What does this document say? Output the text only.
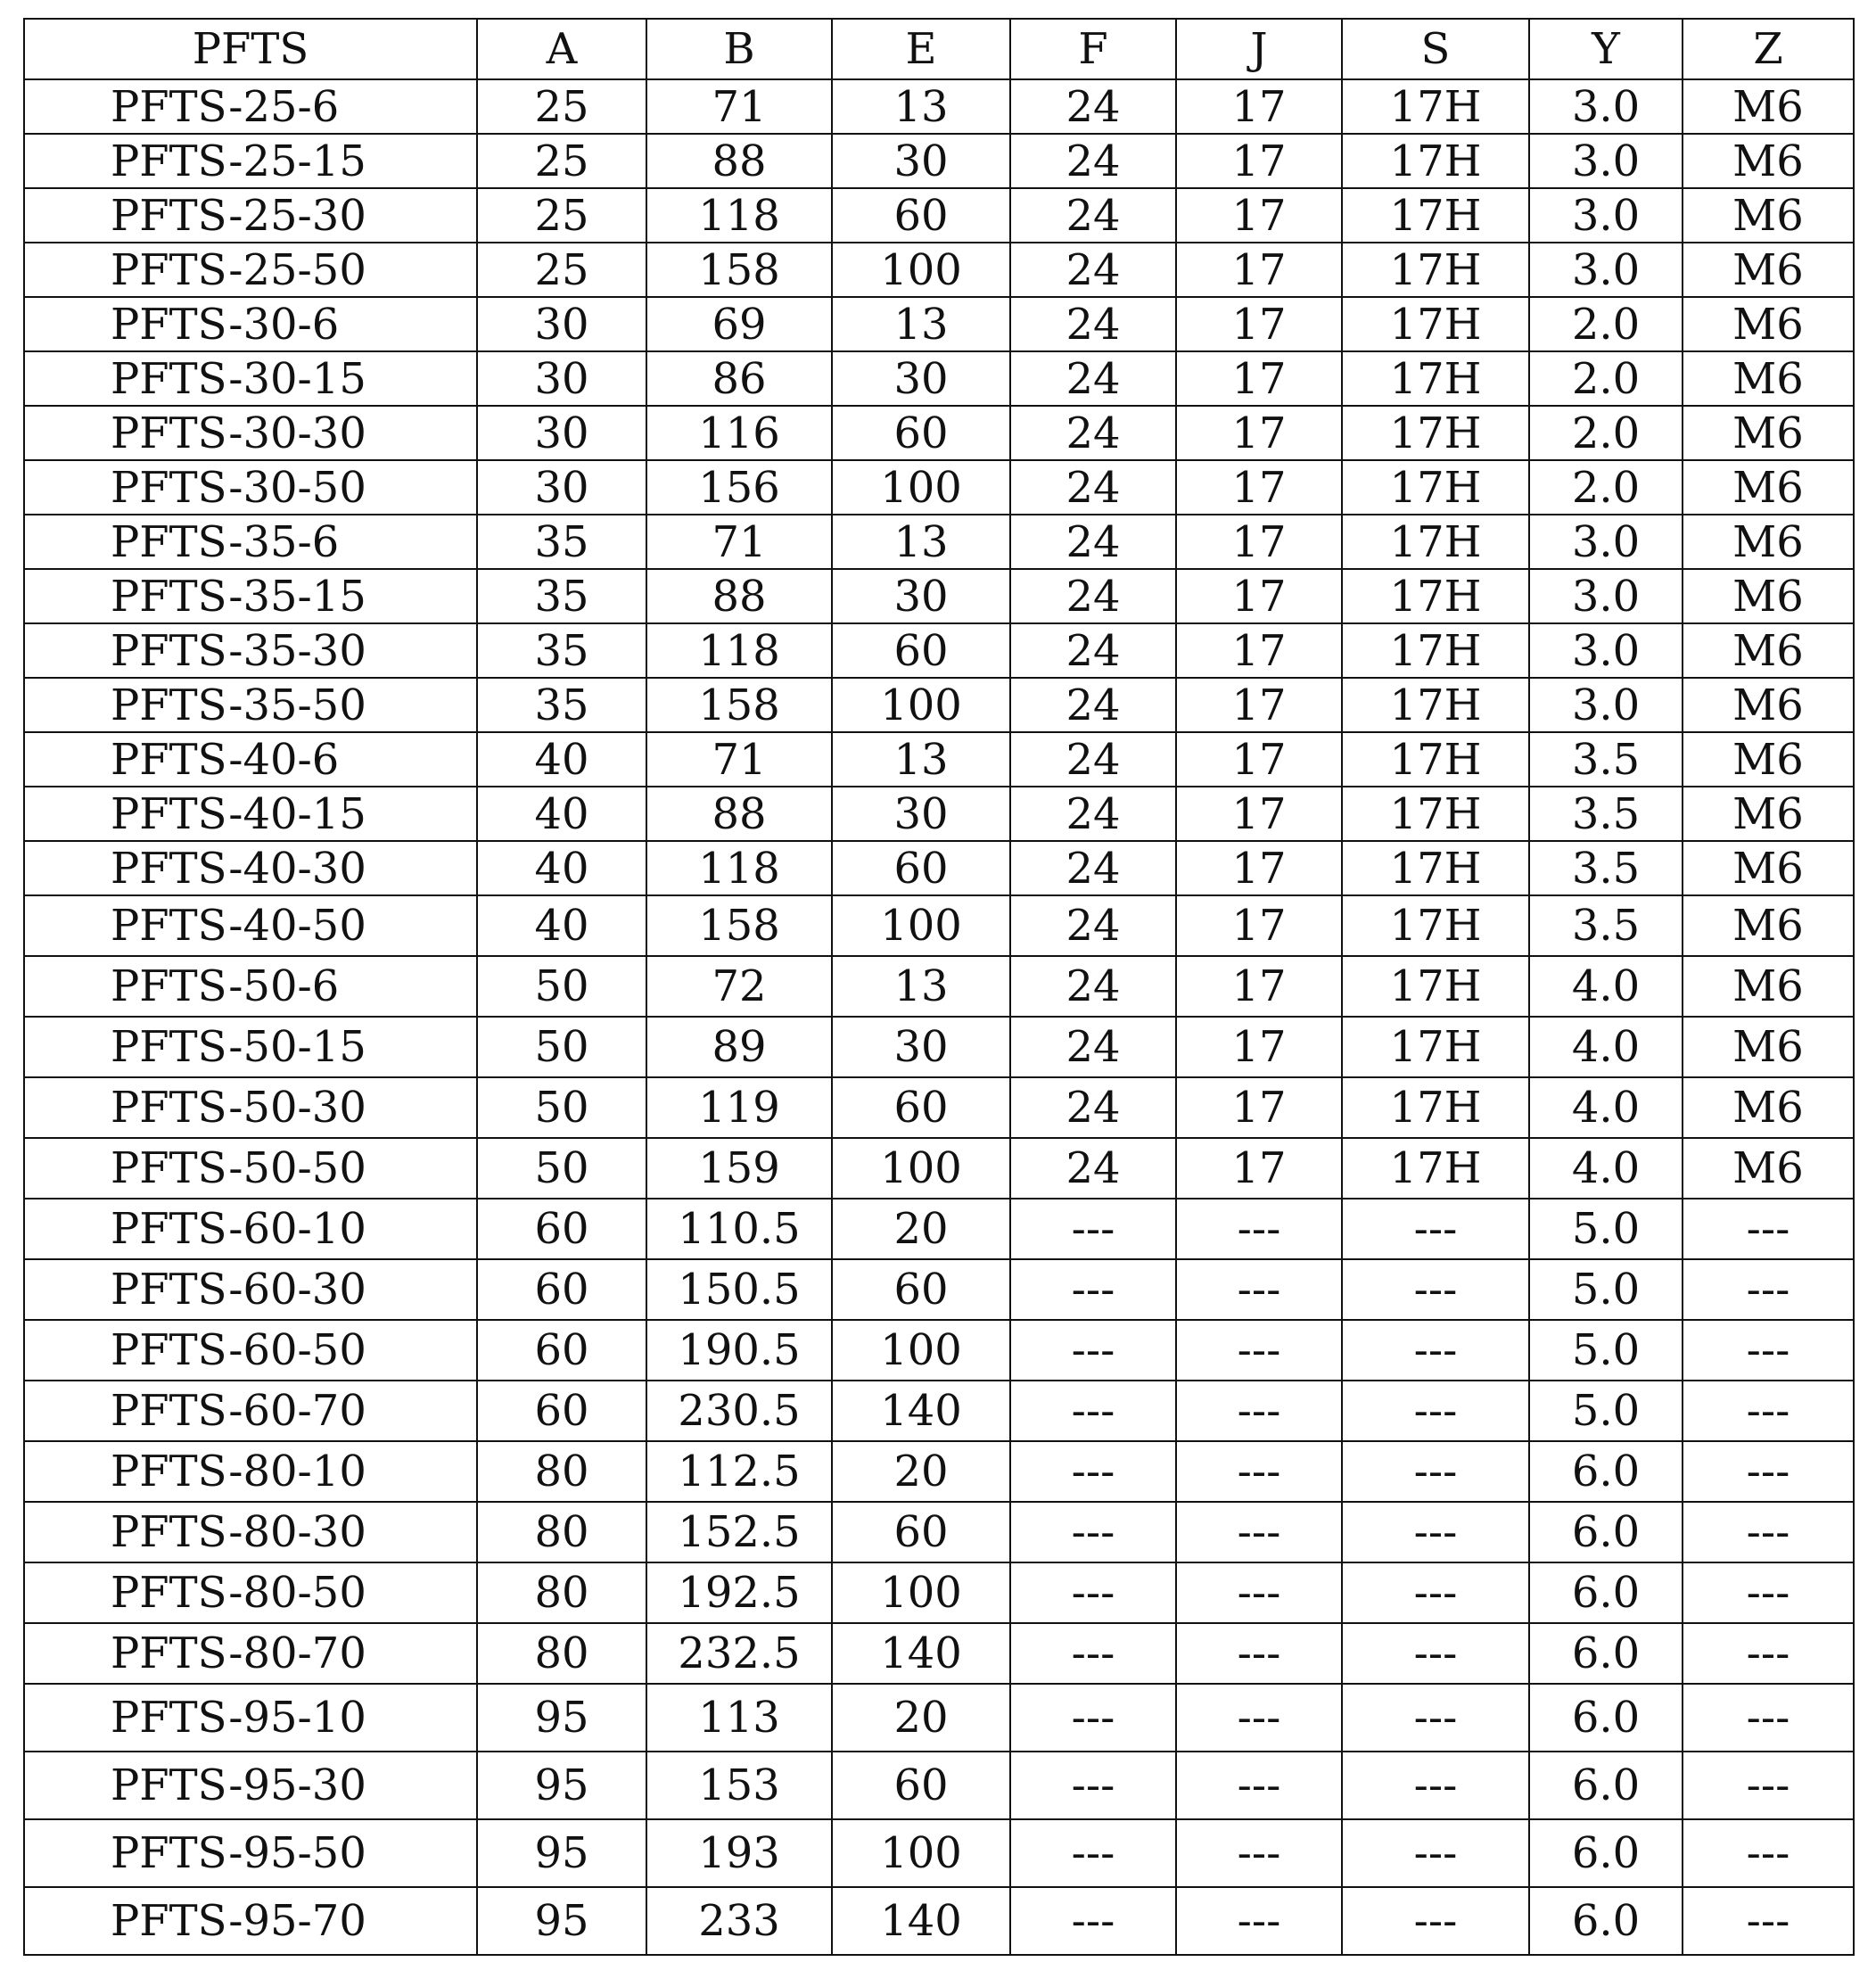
PFTS	A	B	E	F	J	S	Y	Z
PFTS-25-6	25	71	13	24	17	17H	3.0	M6
PFTS-25-15	25	88	30	24	17	17H	3.0	M6
PFTS-25-30	25	118	60	24	17	17H	3.0	M6
PFTS-25-50	25	158	100	24	17	17H	3.0	M6
PFTS-30-6	30	69	13	24	17	17H	2.0	M6
PFTS-30-15	30	86	30	24	17	17H	2.0	M6
PFTS-30-30	30	116	60	24	17	17H	2.0	M6
PFTS-30-50	30	156	100	24	17	17H	2.0	M6
PFTS-35-6	35	71	13	24	17	17H	3.0	M6
PFTS-35-15	35	88	30	24	17	17H	3.0	M6
PFTS-35-30	35	118	60	24	17	17H	3.0	M6
PFTS-35-50	35	158	100	24	17	17H	3.0	M6
PFTS-40-6	40	71	13	24	17	17H	3.5	M6
PFTS-40-15	40	88	30	24	17	17H	3.5	M6
PFTS-40-30	40	118	60	24	17	17H	3.5	M6
PFTS-40-50	40	158	100	24	17	17H	3.5	M6
PFTS-50-6	50	72	13	24	17	17H	4.0	M6
PFTS-50-15	50	89	30	24	17	17H	4.0	M6
PFTS-50-30	50	119	60	24	17	17H	4.0	M6
PFTS-50-50	50	159	100	24	17	17H	4.0	M6
PFTS-60-10	60	110.5	20	---	---	---	5.0	---
PFTS-60-30	60	150.5	60	---	---	---	5.0	---
PFTS-60-50	60	190.5	100	---	---	---	5.0	---
PFTS-60-70	60	230.5	140	---	---	---	5.0	---
PFTS-80-10	80	112.5	20	---	---	---	6.0	---
PFTS-80-30	80	152.5	60	---	---	---	6.0	---
PFTS-80-50	80	192.5	100	---	---	---	6.0	---
PFTS-80-70	80	232.5	140	---	---	---	6.0	---
PFTS-95-10	95	113	20	---	---	---	6.0	---
PFTS-95-30	95	153	60	---	---	---	6.0	---
PFTS-95-50	95	193	100	---	---	---	6.0	---
PFTS-95-70	95	233	140	---	---	---	6.0	---
